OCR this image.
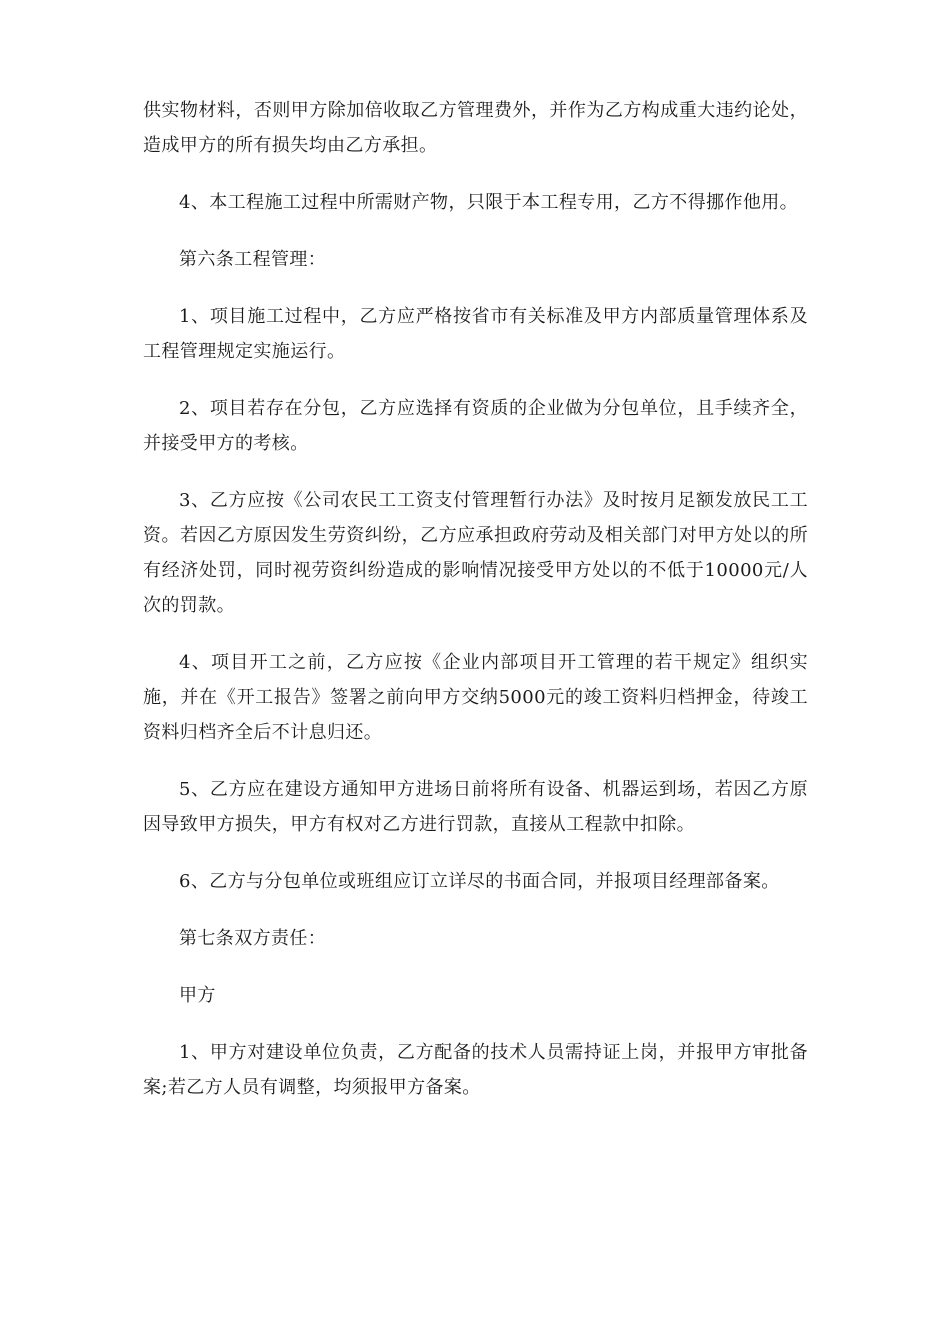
供实物材料，否则甲方除加倍收取乙方管理费外，并作为乙方构成重大违约论处，造成甲方的所有损失均由乙方承担。

4、本工程施工过程中所需财产物，只限于本工程专用，乙方不得挪作他用。

第六条工程管理：

1、项目施工过程中，乙方应严格按省市有关标准及甲方内部质量管理体系及工程管理规定实施运行。

2、项目若存在分包，乙方应选择有资质的企业做为分包单位，且手续齐全，并接受甲方的考核。

3、乙方应按《公司农民工工资支付管理暂行办法》及时按月足额发放民工工资。若因乙方原因发生劳资纠纷，乙方应承担政府劳动及相关部门对甲方处以的所有经济处罚，同时视劳资纠纷造成的影响情况接受甲方处以的不低于10000元/人次的罚款。

4、项目开工之前，乙方应按《企业内部项目开工管理的若干规定》组织实施，并在《开工报告》签署之前向甲方交纳5000元的竣工资料归档押金，待竣工资料归档齐全后不计息归还。

5、乙方应在建设方通知甲方进场日前将所有设备、机器运到场，若因乙方原因导致甲方损失，甲方有权对乙方进行罚款，直接从工程款中扣除。

6、乙方与分包单位或班组应订立详尽的书面合同，并报项目经理部备案。

第七条双方责任：

甲方

1、甲方对建设单位负责，乙方配备的技术人员需持证上岗，并报甲方审批备案;若乙方人员有调整，均须报甲方备案。
